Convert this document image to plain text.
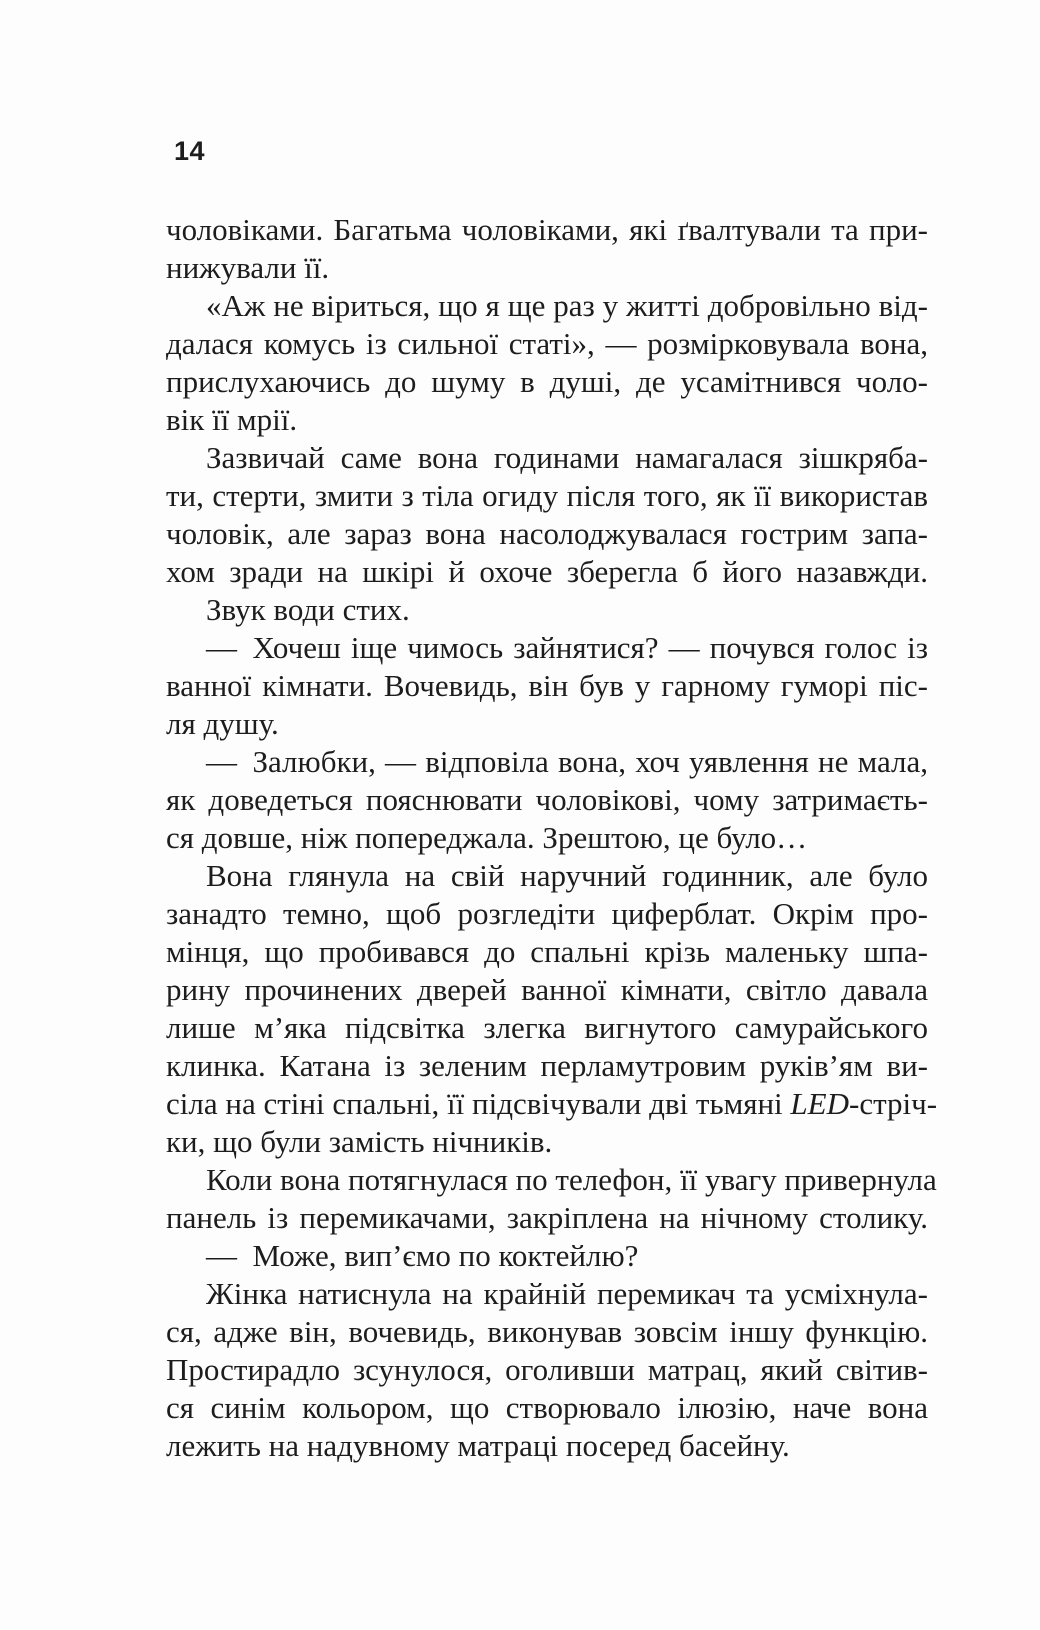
14
чоловіками. Багатьма чоловіками, які ґвалтували та при-
нижували її.
«Аж не віриться, що я ще раз у житті добровільно від-
далася комусь із сильної статі», — розмірковувала вона,
прислухаючись до шуму в душі, де усамітнився чоло-
вік її мрії.
Зазвичай саме вона годинами намагалася зішкряба-
ти, стерти, змити з тіла огиду після того, як її використав
чоловік, але зараз вона насолоджувалася гострим запа-
хом зради на шкірі й охоче зберегла б його назавжди.
Звук води стих.
— Хочеш іще чимось зайнятися? — почувся голос із
ванної кімнати. Вочевидь, він був у гарному гуморі піс-
ля душу.
— Залюбки, — відповіла вона, хоч уявлення не мала,
як доведеться пояснювати чоловікові, чому затримаєть-
ся довше, ніж попереджала. Зрештою, це було…
Вона глянула на свій наручний годинник, але було
занадто темно, щоб розгледіти циферблат. Окрім про-
мінця, що пробивався до спальні крізь маленьку шпа-
рину прочинених дверей ванної кімнати, світло давала
лише м’яка підсвітка злегка вигнутого самурайського
клинка. Катана із зеленим перламутровим руків’ям ви-
сіла на стіні спальні, її підсвічували дві тьмяні LED-стріч-
ки, що були замість нічників.
Коли вона потягнулася по телефон, її увагу привернула
панель із перемикачами, закріплена на нічному столику.
— Може, вип’ємо по коктейлю?
Жінка натиснула на крайній перемикач та усміхнула-
ся, адже він, вочевидь, виконував зовсім іншу функцію.
Простирадло зсунулося, оголивши матрац, який світив-
ся синім кольором, що створювало ілюзію, наче вона
лежить на надувному матраці посеред басейну.
